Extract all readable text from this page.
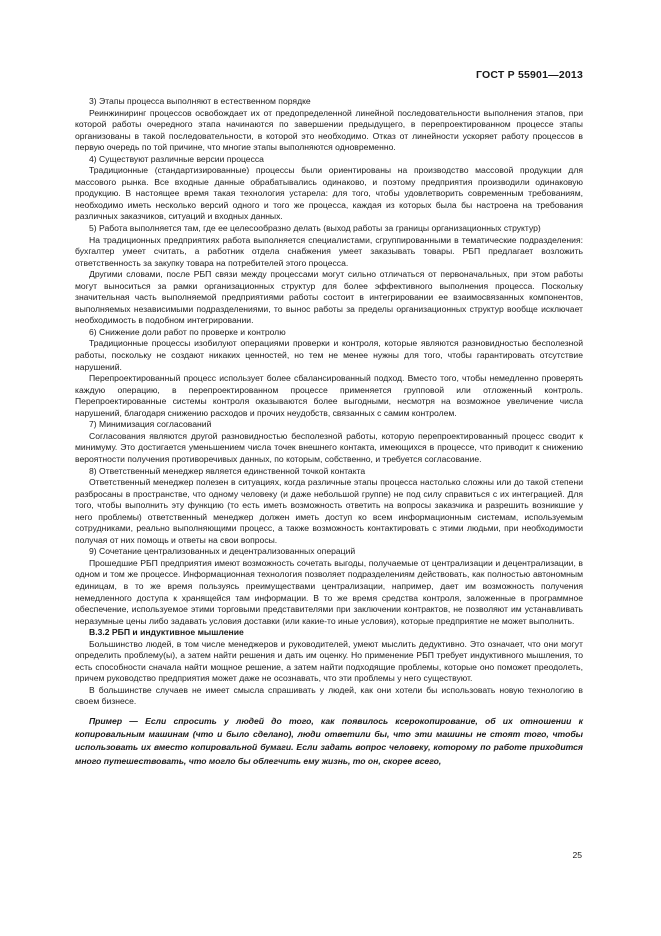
ГОСТ Р 55901—2013

3) Этапы процесса выполняют в естественном порядке

Реинжиниринг процессов освобождает их от предопределенной линейной последовательности выполнения этапов, при которой работы очередного этапа начинаются по завершении предыдущего, в перепроектированном процессе этапы организованы в такой последовательности, в которой это необходимо. Отказ от линейности ускоряет работу процессов в первую очередь по той причине, что многие этапы выполняются одновременно.

4) Существуют различные версии процесса

Традиционные (стандартизированные) процессы были ориентированы на производство массовой продукции для массового рынка. Все входные данные обрабатывались одинаково, и поэтому предприятия производили одинаковую продукцию. В настоящее время такая технология устарела: для того, чтобы удовлетворить современным требованиям, необходимо иметь несколько версий одного и того же процесса, каждая из которых была бы настроена на требования различных заказчиков, ситуаций и входных данных.

5) Работа выполняется там, где ее целесообразно делать (выход работы за границы организационных структур)

На традиционных предприятиях работа выполняется специалистами, сгруппированными в тематические подразделения: бухгалтер умеет считать, а работник отдела снабжения умеет заказывать товары. РБП предлагает возложить ответственность за закупку товара на потребителей этого процесса.

Другими словами, после РБП связи между процессами могут сильно отличаться от первоначальных, при этом работы могут выноситься за рамки организационных структур для более эффективного выполнения процесса. Поскольку значительная часть выполняемой предприятиями работы состоит в интегрировании ее взаимосвязанных компонентов, выполняемых независимыми подразделениями, то вынос работы за пределы организационных структур вообще исключает необходимость в подобном интегрировании.

6) Снижение доли работ по проверке и контролю

Традиционные процессы изобилуют операциями проверки и контроля, которые являются разновидностью бесполезной работы, поскольку не создают никаких ценностей, но тем не менее нужны для того, чтобы гарантировать отсутствие нарушений.

Перепроектированный процесс использует более сбалансированный подход. Вместо того, чтобы немедленно проверять каждую операцию, в перепроектированном процессе применяется групповой или отложенный контроль. Перепроектированные системы контроля оказываются более выгодными, несмотря на возможное увеличение числа нарушений, благодаря снижению расходов и прочих неудобств, связанных с самим контролем.

7) Минимизация согласований

Согласования являются другой разновидностью бесполезной работы, которую перепроектированный процесс сводит к минимуму. Это достигается уменьшением числа точек внешнего контакта, имеющихся в процессе, что приводит к снижению вероятности получения противоречивых данных, по которым, собственно, и требуется согласование.

8) Ответственный менеджер является единственной точкой контакта

Ответственный менеджер полезен в ситуациях, когда различные этапы процесса настолько сложны или до такой степени разбросаны в пространстве, что одному человеку (и даже небольшой группе) не под силу справиться с их интеграцией. Для того, чтобы выполнить эту функцию (то есть иметь возможность ответить на вопросы заказчика и разрешить возникшие у него проблемы) ответственный менеджер должен иметь доступ ко всем информационным системам, используемым сотрудниками, реально выполняющими процесс, а также возможность контактировать с этими людьми, при необходимости получая от них помощь и ответы на свои вопросы.

9) Сочетание централизованных и децентрализованных операций

Прошедшие РБП предприятия имеют возможность сочетать выгоды, получаемые от централизации и децентрализации, в одном и том же процессе. Информационная технология позволяет подразделениям действовать, как полностью автономным единицам, в то же время пользуясь преимуществами централизации, например, дает им возможность получения немедленного доступа к хранящейся там информации. В то же время средства контроля, заложенные в программное обеспечение, используемое этими торговыми представителями при заключении контрактов, не позволяют им устанавливать неразумные цены либо задавать условия доставки (или какие-то иные условия), которые предприятие не может выполнить.

В.3.2 РБП и индуктивное мышление

Большинство людей, в том числе менеджеров и руководителей, умеют мыслить дедуктивно. Это означает, что они могут определить проблему(ы), а затем найти решения и дать им оценку. Но применение РБП требует индуктивного мышления, то есть способности сначала найти мощное решение, а затем найти подходящие проблемы, которые оно поможет преодолеть, причем руководство предприятия может даже не осознавать, что эти проблемы у него существуют.

В большинстве случаев не имеет смысла спрашивать у людей, как они хотели бы использовать новую технологию в своем бизнесе.

Пример — Если спросить у людей до того, как появилось ксерокопирование, об их отношении к копировальным машинам (что и было сделано), люди ответили бы, что эти машины не стоят того, чтобы использовать их вместо копировальной бумаги. Если задать вопрос человеку, которому по работе приходится много путешествовать, что могло бы облегчить ему жизнь, то он, скорее всего,

25
